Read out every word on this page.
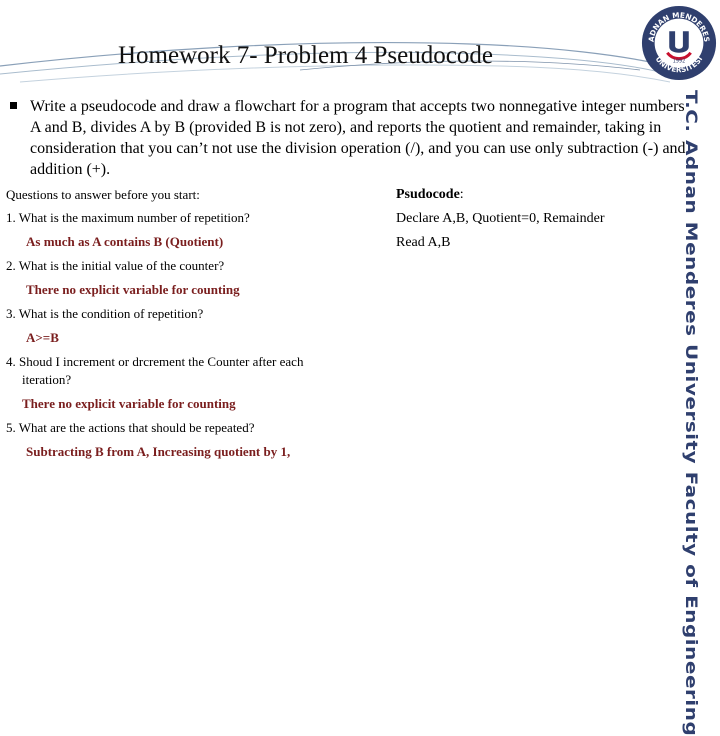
Homework 7- Problem 4 Pseudocode
ADNAN MENDERES
ÜNİVERSİTESİ
1992
T.C. Adnan Menderes University Faculty of Engineering
Write a pseudocode and draw a flowchart for a program that accepts two nonnegative integer numbers A and B, divides A by B (provided B is not zero), and reports the quotient and remainder, taking in consideration that you can’t not use the division operation (/), and you can use only subtraction (-) and addition (+).
Questions to answer before you start:
1. What is the maximum number of repetition?
As much as A contains B (Quotient)
2. What is the initial value of the counter?
There no explicit variable for counting
3. What is the condition of repetition?
A>=B
4. Shoud I increment or drcrement the Counter after each
iteration?
There no explicit variable for counting
5. What are the actions that should be repeated?
Subtracting B from A, Increasing quotient by 1,
Psudocode:
Declare A,B, Quotient=0, Remainder
Read A,B
